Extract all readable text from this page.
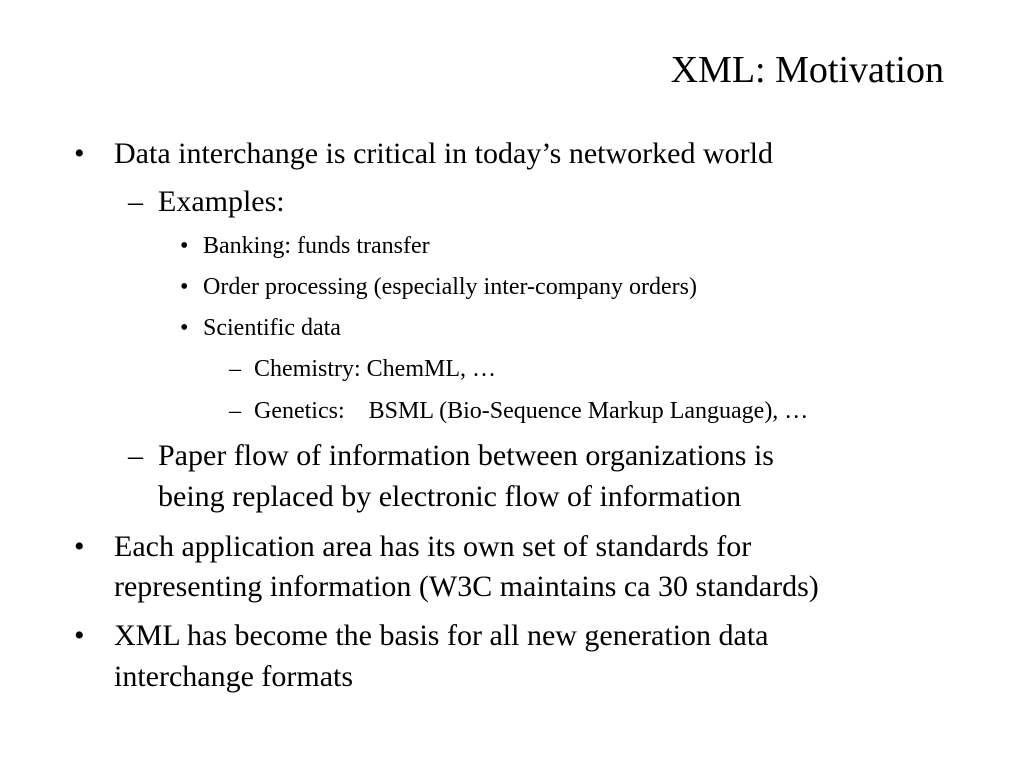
XML: Motivation
• Data interchange is critical in today’s networked world
– Examples:
• Banking: funds transfer
• Order processing (especially inter-company orders)
• Scientific data
– Chemistry: ChemML, …
– Genetics:    BSML (Bio-Sequence Markup Language), …
– Paper flow of information between organizations is
being replaced by electronic flow of information
• Each application area has its own set of standards for
representing information (W3C maintains ca 30 standards)
• XML has become the basis for all new generation data
interchange formats
